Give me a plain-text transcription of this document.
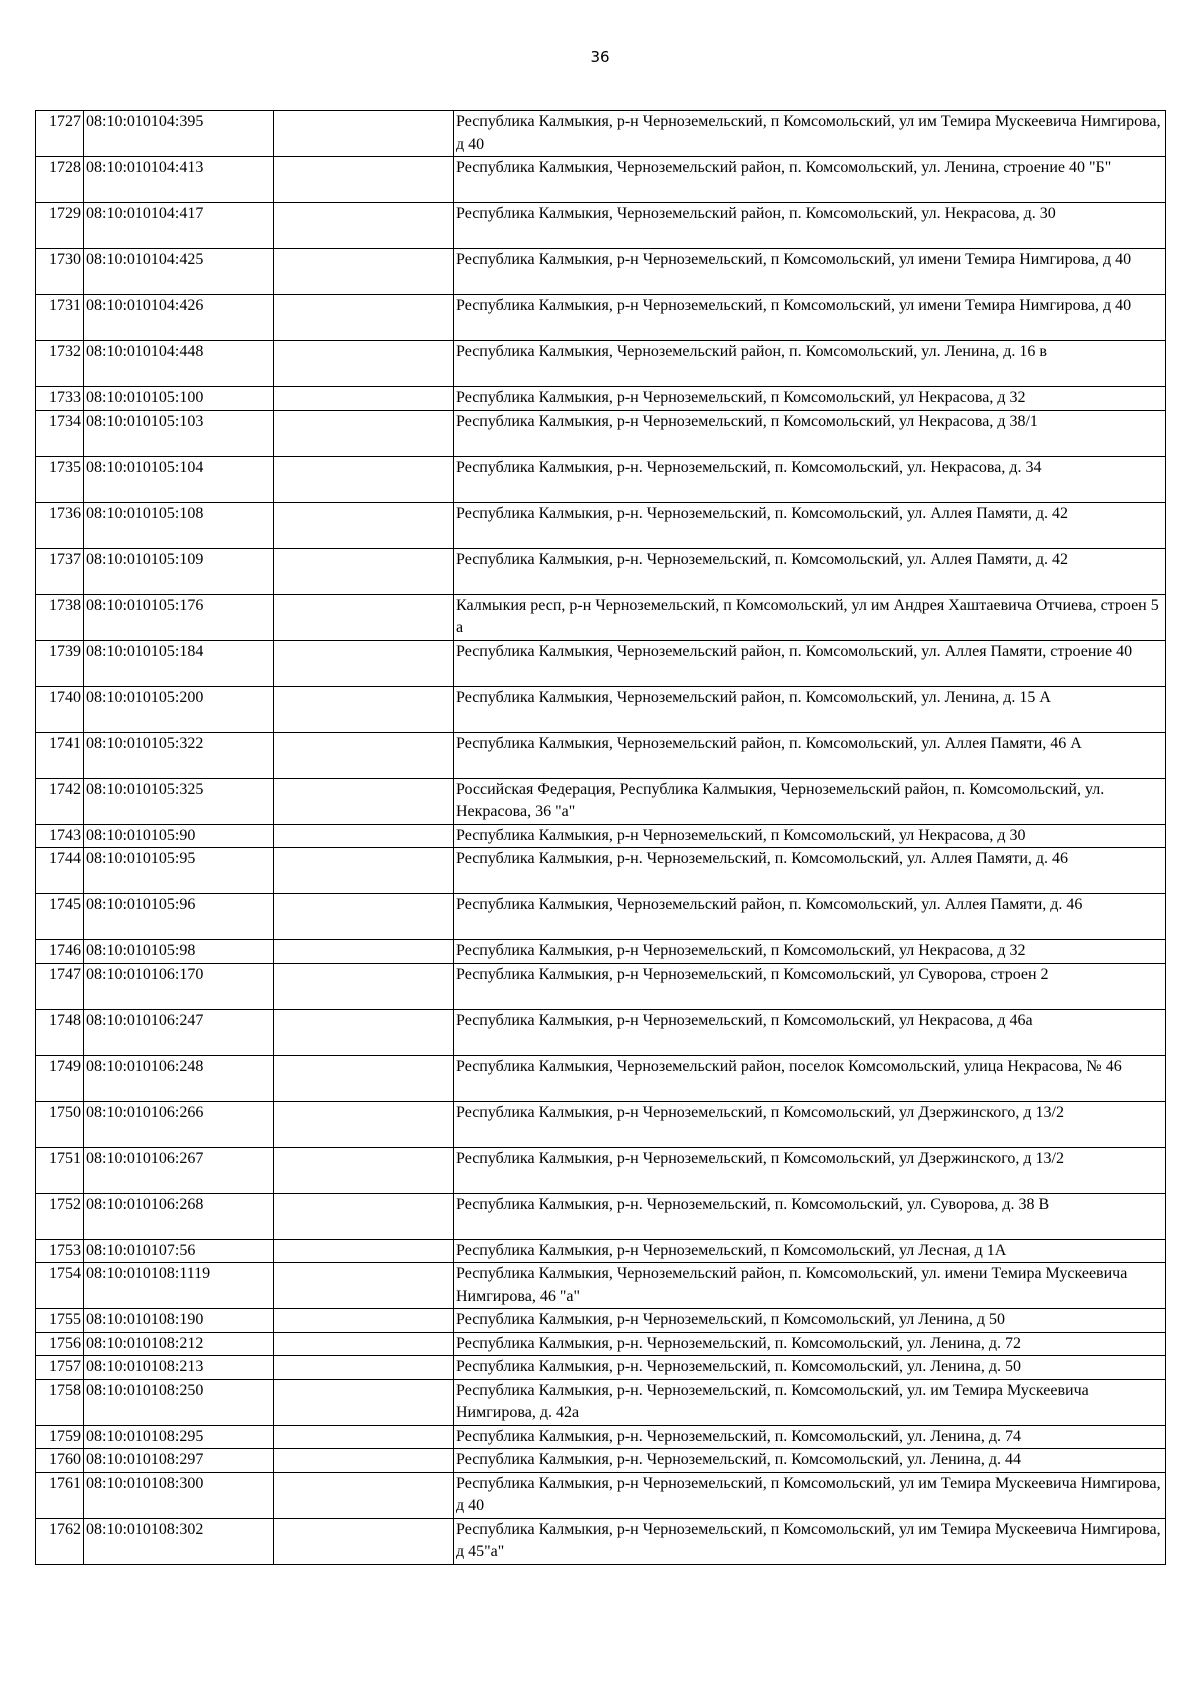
36
1727	08:10:010104:395		Республика Калмыкия, р-н Черноземельский, п Комсомольский, ул им Темира Мускеевича Нимгирова, д 40
1728	08:10:010104:413		Республика Калмыкия, Черноземельский район, п. Комсомольский, ул. Ленина, строение 40 "Б"
1729	08:10:010104:417		Республика Калмыкия, Черноземельский район, п. Комсомольский, ул. Некрасова, д. 30
1730	08:10:010104:425		Республика Калмыкия, р-н Черноземельский, п Комсомольский, ул имени Темира Нимгирова, д 40
1731	08:10:010104:426		Республика Калмыкия, р-н Черноземельский, п Комсомольский, ул имени Темира Нимгирова, д 40
1732	08:10:010104:448		Республика Калмыкия, Черноземельский район, п. Комсомольский, ул. Ленина, д. 16 в
1733	08:10:010105:100		Республика Калмыкия, р-н Черноземельский, п Комсомольский, ул Некрасова, д 32
1734	08:10:010105:103		Республика Калмыкия, р-н Черноземельский, п Комсомольский, ул Некрасова, д 38/1
1735	08:10:010105:104		Республика Калмыкия, р-н. Черноземельский, п. Комсомольский, ул. Некрасова, д. 34
1736	08:10:010105:108		Республика Калмыкия, р-н. Черноземельский, п. Комсомольский, ул. Аллея Памяти, д. 42
1737	08:10:010105:109		Республика Калмыкия, р-н. Черноземельский, п. Комсомольский, ул. Аллея Памяти, д. 42
1738	08:10:010105:176		Калмыкия респ, р-н Черноземельский, п Комсомольский, ул им Андрея Хаштаевича Отчиева, строен 5 а
1739	08:10:010105:184		Республика Калмыкия, Черноземельский район, п. Комсомольский, ул. Аллея Памяти, строение 40
1740	08:10:010105:200		Республика Калмыкия, Черноземельский район, п. Комсомольский, ул. Ленина, д. 15 А
1741	08:10:010105:322		Республика Калмыкия, Черноземельский район, п. Комсомольский, ул. Аллея Памяти, 46 А
1742	08:10:010105:325		Российская Федерация, Республика Калмыкия, Черноземельский район, п. Комсомольский, ул. Некрасова, 36 "а"
1743	08:10:010105:90		Республика Калмыкия, р-н Черноземельский, п Комсомольский, ул Некрасова, д 30
1744	08:10:010105:95		Республика Калмыкия, р-н. Черноземельский, п. Комсомольский, ул. Аллея Памяти, д. 46
1745	08:10:010105:96		Республика Калмыкия, Черноземельский район, п. Комсомольский, ул. Аллея Памяти, д. 46
1746	08:10:010105:98		Республика Калмыкия, р-н Черноземельский, п Комсомольский, ул Некрасова, д 32
1747	08:10:010106:170		Республика Калмыкия, р-н Черноземельский, п Комсомольский, ул Суворова, строен 2
1748	08:10:010106:247		Республика Калмыкия, р-н Черноземельский, п Комсомольский, ул Некрасова, д 46а
1749	08:10:010106:248		Республика Калмыкия, Черноземельский район, поселок Комсомольский, улица Некрасова, № 46
1750	08:10:010106:266		Республика Калмыкия, р-н Черноземельский, п Комсомольский, ул Дзержинского, д 13/2
1751	08:10:010106:267		Республика Калмыкия, р-н Черноземельский, п Комсомольский, ул Дзержинского, д 13/2
1752	08:10:010106:268		Республика Калмыкия, р-н. Черноземельский, п. Комсомольский, ул. Суворова, д. 38 В
1753	08:10:010107:56		Республика Калмыкия, р-н Черноземельский, п Комсомольский, ул Лесная, д 1А
1754	08:10:010108:1119		Республика Калмыкия, Черноземельский район, п. Комсомольский, ул. имени Темира Мускеевича Нимгирова, 46 "а"
1755	08:10:010108:190		Республика Калмыкия, р-н Черноземельский, п Комсомольский, ул Ленина, д 50
1756	08:10:010108:212		Республика Калмыкия, р-н. Черноземельский, п. Комсомольский, ул. Ленина, д. 72
1757	08:10:010108:213		Республика Калмыкия, р-н. Черноземельский, п. Комсомольский, ул. Ленина, д. 50
1758	08:10:010108:250		Республика Калмыкия, р-н. Черноземельский, п. Комсомольский, ул. им Темира Мускеевича Нимгирова, д. 42а
1759	08:10:010108:295		Республика Калмыкия, р-н. Черноземельский, п. Комсомольский, ул. Ленина, д. 74
1760	08:10:010108:297		Республика Калмыкия, р-н. Черноземельский, п. Комсомольский, ул. Ленина, д. 44
1761	08:10:010108:300		Республика Калмыкия, р-н Черноземельский, п Комсомольский, ул им Темира Мускеевича Нимгирова, д 40
1762	08:10:010108:302		Республика Калмыкия, р-н Черноземельский, п Комсомольский, ул им Темира Мускеевича Нимгирова, д 45"а"
